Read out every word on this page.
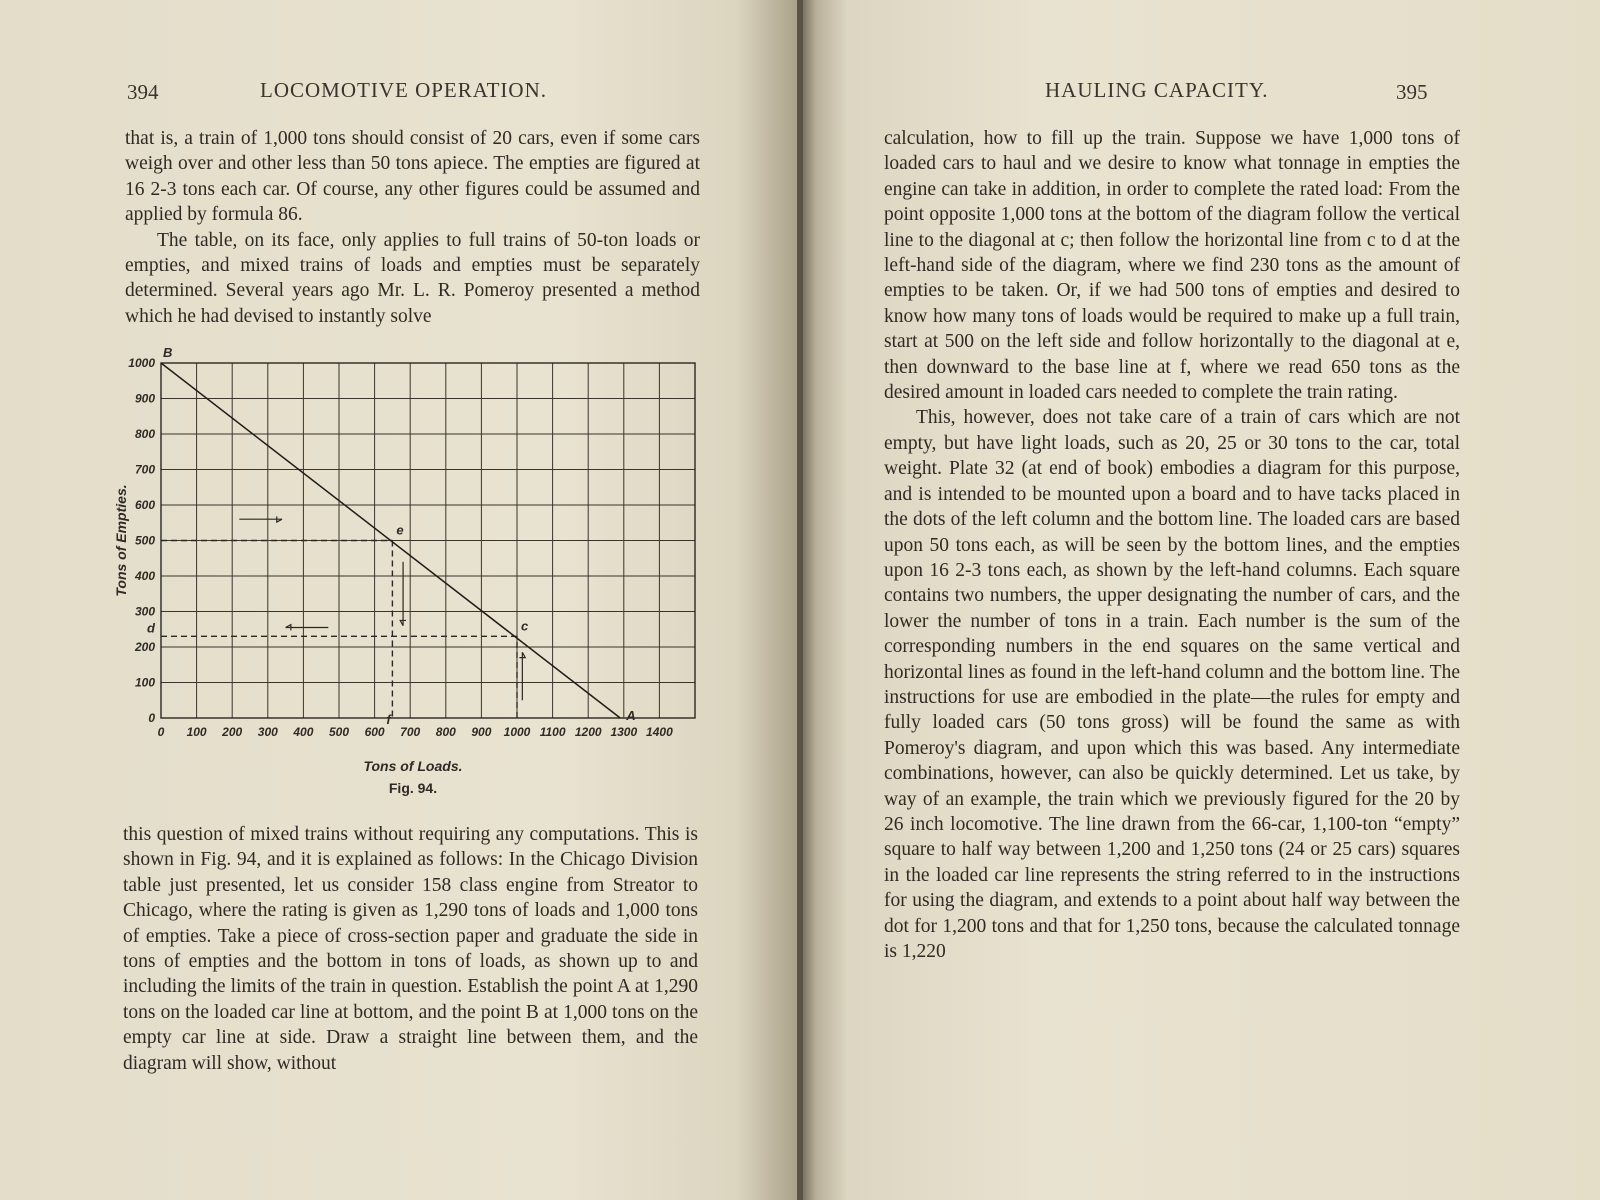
394	LOCOMOTIVE OPERATION.

that is, a train of 1,000 tons should consist of 20 cars, even if some cars weigh over and other less than 50 tons apiece. The empties are figured at 16 2-3 tons each car. Of course, any other figures could be assumed and applied by formula 86.

The table, on its face, only applies to full trains of 50-ton loads or empties, and mixed trains of loads and empties must be separately determined. Several years ago Mr. L. R. Pomeroy presented a method which he had devised to instantly solve

0
100
200
300
400
500
600
700
800
900
1000
0 100 200 300 400 500 600 700 800 900 1000 1100 1200 1300 1400
Tons of Empties.
B
A
e
c
d
f
Tons of Loads.
Fig. 94.

this question of mixed trains without requiring any computations. This is shown in Fig. 94, and it is explained as follows: In the Chicago Division table just presented, let us consider 158 class engine from Streator to Chicago, where the rating is given as 1,290 tons of loads and 1,000 tons of empties. Take a piece of cross-section paper and graduate the side in tons of empties and the bottom in tons of loads, as shown up to and including the limits of the train in question. Establish the point A at 1,290 tons on the loaded car line at bottom, and the point B at 1,000 tons on the empty car line at side. Draw a straight line between them, and the diagram will show, without

HAULING CAPACITY.	395

calculation, how to fill up the train. Suppose we have 1,000 tons of loaded cars to haul and we desire to know what tonnage in empties the engine can take in addition, in order to complete the rated load: From the point opposite 1,000 tons at the bottom of the diagram follow the vertical line to the diagonal at c; then follow the horizontal line from c to d at the left-hand side of the diagram, where we find 230 tons as the amount of empties to be taken. Or, if we had 500 tons of empties and desired to know how many tons of loads would be required to make up a full train, start at 500 on the left side and follow horizontally to the diagonal at e, then downward to the base line at f, where we read 650 tons as the desired amount in loaded cars needed to complete the train rating.

This, however, does not take care of a train of cars which are not empty, but have light loads, such as 20, 25 or 30 tons to the car, total weight. Plate 32 (at end of book) embodies a diagram for this purpose, and is intended to be mounted upon a board and to have tacks placed in the dots of the left column and the bottom line. The loaded cars are based upon 50 tons each, as will be seen by the bottom lines, and the empties upon 16 2-3 tons each, as shown by the left-hand columns. Each square contains two numbers, the upper designating the number of cars, and the lower the number of tons in a train. Each number is the sum of the corresponding numbers in the end squares on the same vertical and horizontal lines as found in the left-hand column and the bottom line. The instructions for use are embodied in the plate—the rules for empty and fully loaded cars (50 tons gross) will be found the same as with Pomeroy's diagram, and upon which this was based. Any intermediate combinations, however, can also be quickly determined. Let us take, by way of an example, the train which we previously figured for the 20 by 26 inch locomotive. The line drawn from the 66-car, 1,100-ton “empty” square to half way between 1,200 and 1,250 tons (24 or 25 cars) squares in the loaded car line represents the string referred to in the instructions for using the diagram, and extends to a point about half way between the dot for 1,200 tons and that for 1,250 tons, because the calculated tonnage is 1,220
